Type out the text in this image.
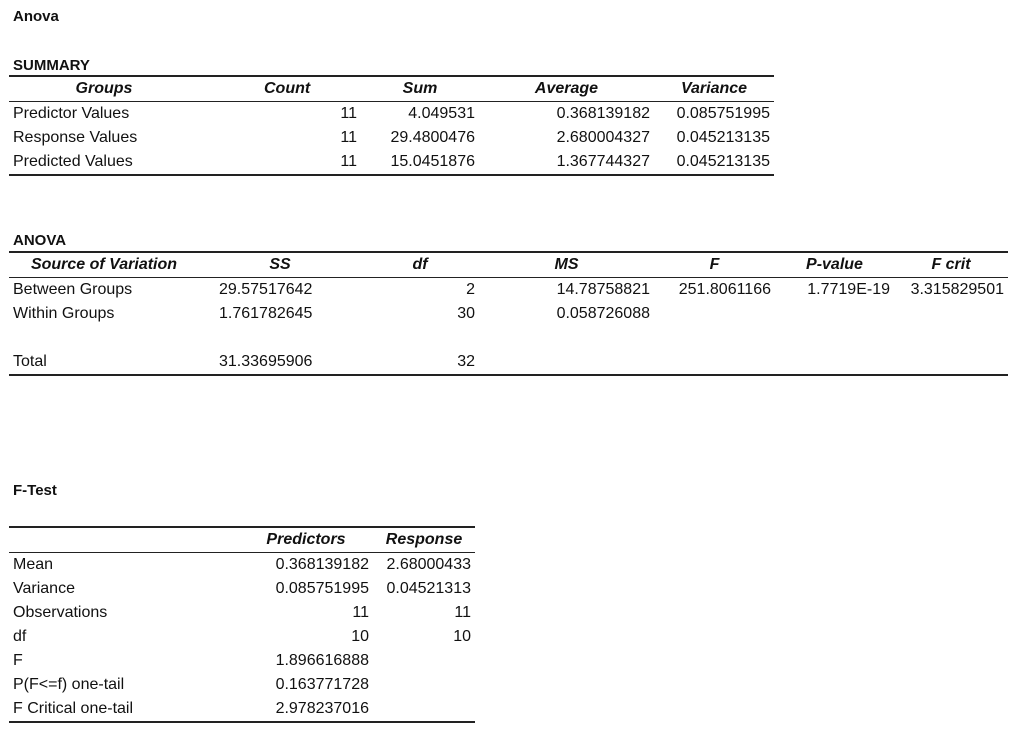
Anova
SUMMARY
Groups	Count	Sum	Average	Variance
Predictor Values	11	4.049531	0.368139182	0.085751995
Response Values	11	29.4800476	2.680004327	0.045213135
Predicted Values	11	15.0451876	1.367744327	0.045213135
ANOVA
Source of Variation	SS	df	MS	F	P-value	F crit
Between Groups	29.57517642	2	14.78758821	251.8061166	1.7719E-19	3.315829501
Within Groups	1.761782645	30	0.058726088			

Total	31.33695906	32				
F-Test
	Predictors	Response
Mean	0.368139182	2.68000433
Variance	0.085751995	0.04521313
Observations	11	11
df	10	10
F	1.896616888	
P(F<=f) one-tail	0.163771728	
F Critical one-tail	2.978237016	
